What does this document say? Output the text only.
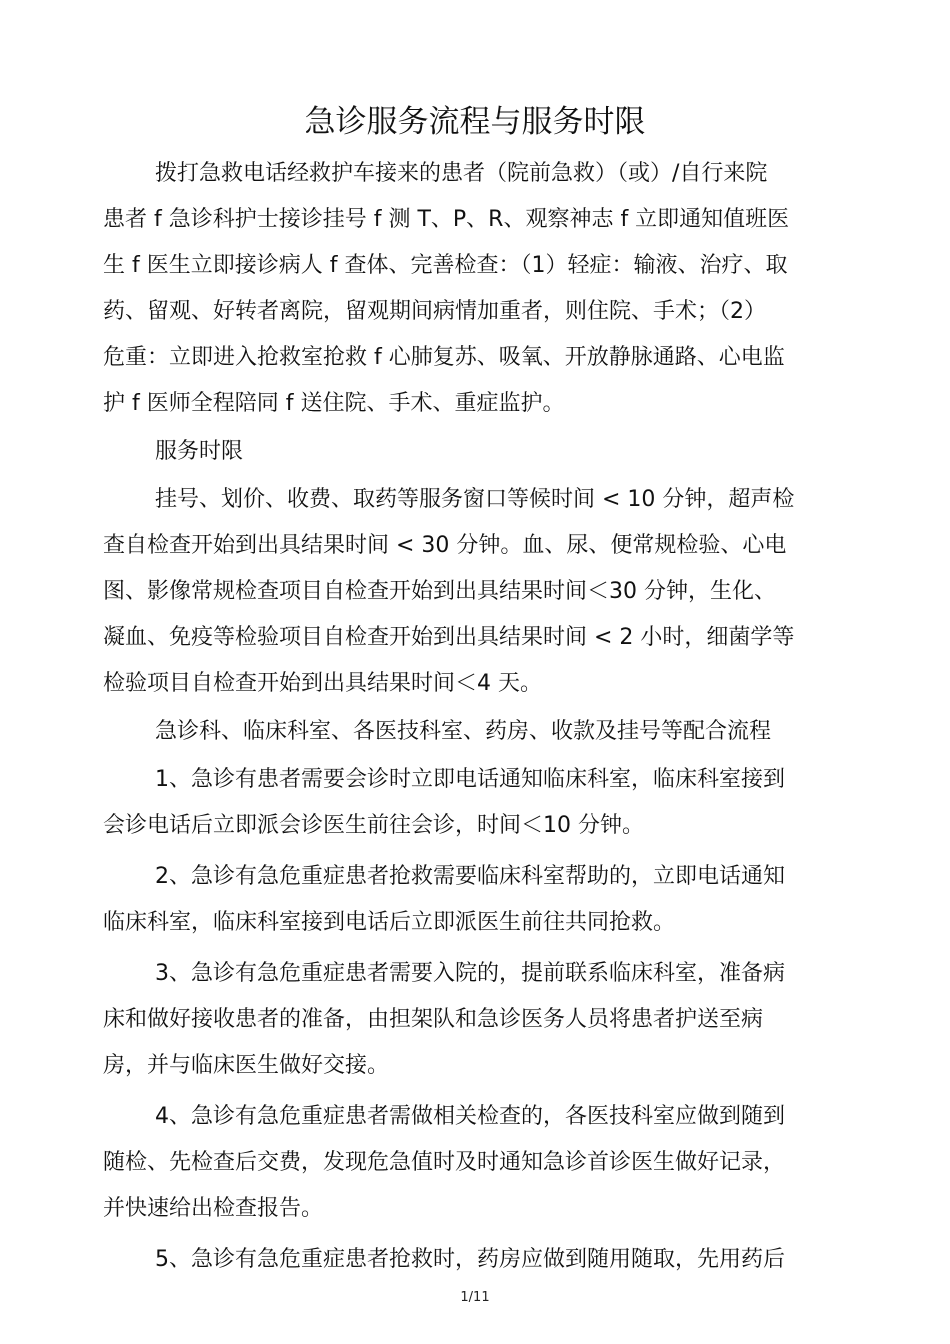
急诊服务流程与服务时限
拨打急救电话经救护车接来的患者（院前急救）（或）/自行来院
患者 f 急诊科护士接诊挂号 f 测 T、P、R、观察神志 f 立即通知值班医
生 f 医生立即接诊病人 f 查体、完善检查：（1）轻症：输液、治疗、取
药、留观、好转者离院，留观期间病情加重者，则住院、手术；（2）
危重：立即进入抢救室抢救 f 心肺复苏、吸氧、开放静脉通路、心电监
护 f 医师全程陪同 f 送住院、手术、重症监护。
服务时限
挂号、划价、收费、取药等服务窗口等候时间 < 10 分钟，超声检
查自检查开始到出具结果时间 < 30 分钟。血、尿、便常规检验、心电
图、影像常规检查项目自检查开始到出具结果时间＜30 分钟，生化、
凝血、免疫等检验项目自检查开始到出具结果时间 < 2 小时，细菌学等
检验项目自检查开始到出具结果时间＜4 天。
急诊科、临床科室、各医技科室、药房、收款及挂号等配合流程
1、急诊有患者需要会诊时立即电话通知临床科室，临床科室接到
会诊电话后立即派会诊医生前往会诊，时间＜10 分钟。
2、急诊有急危重症患者抢救需要临床科室帮助的，立即电话通知
临床科室，临床科室接到电话后立即派医生前往共同抢救。
3、急诊有急危重症患者需要入院的，提前联系临床科室，准备病
床和做好接收患者的准备，由担架队和急诊医务人员将患者护送至病
房，并与临床医生做好交接。
4、急诊有急危重症患者需做相关检查的，各医技科室应做到随到
随检、先检查后交费，发现危急值时及时通知急诊首诊医生做好记录，
并快速给出检查报告。
5、急诊有急危重症患者抢救时，药房应做到随用随取，先用药后
1/11
